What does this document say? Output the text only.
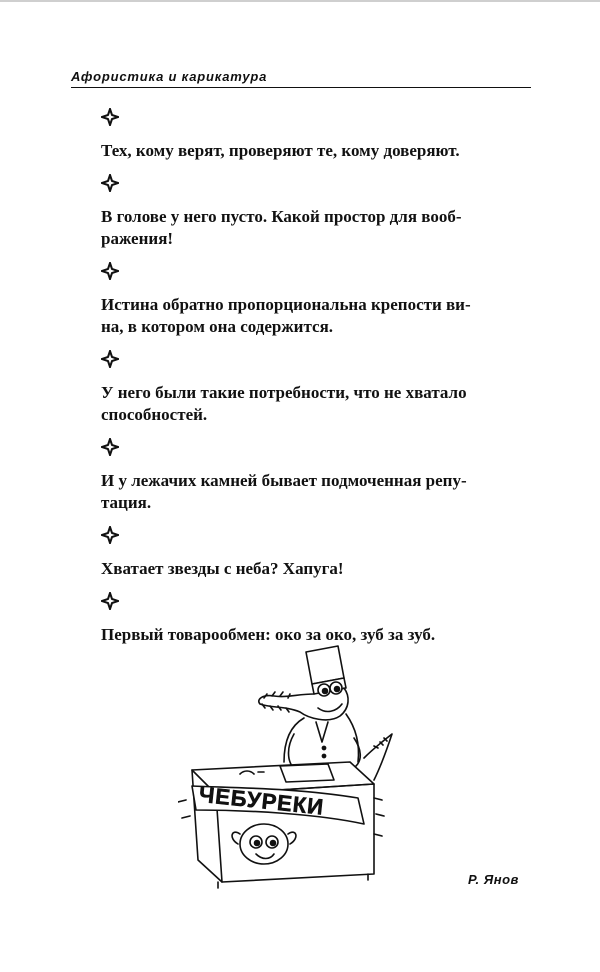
Афористика и карикатура
Тех, кому верят, проверяют те, кому доверяют.
В голове у него пусто. Какой простор для вооб-
ражения!
Истина обратно пропорциональна крепости ви-
на, в котором она содержится.
У него были такие потребности, что не хватало
способностей.
И у лежачих камней бывает подмоченная репу-
тация.
Хватает звезды с неба? Хапуга!
Первый товарообмен: око за око, зуб за зуб.
ЧЕБУРЕКИ
Р. Янов
